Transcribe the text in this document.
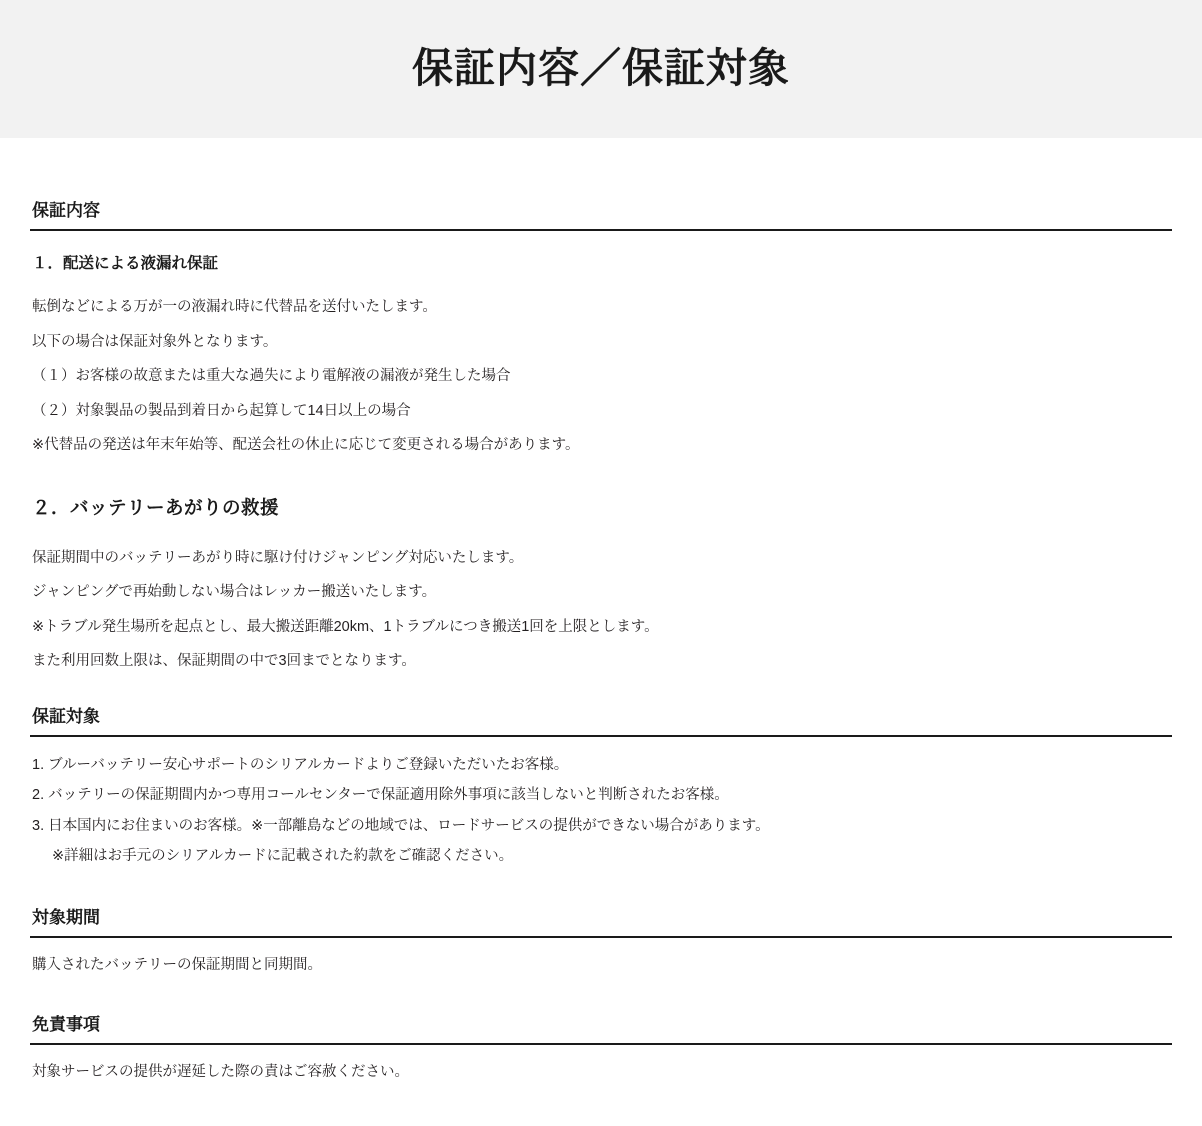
保証内容／保証対象
保証内容
１．配送による液漏れ保証

転倒などによる万が一の液漏れ時に代替品を送付いたします。

以下の場合は保証対象外となります。

（１）お客様の故意または重大な過失により電解液の漏液が発生した場合

（２）対象製品の製品到着日から起算して14日以上の場合

※代替品の発送は年末年始等、配送会社の休止に応じて変更される場合があります。

２．バッテリーあがりの救援

保証期間中のバッテリーあがり時に駆け付けジャンピング対応いたします。

ジャンピングで再始動しない場合はレッカー搬送いたします。

※トラブル発生場所を起点とし、最大搬送距離20km、1トラブルにつき搬送1回を上限とします。

また利用回数上限は、保証期間の中で3回までとなります。

保証対象

1. ブルーバッテリー安心サポートのシリアルカードよりご登録いただいたお客様。

2. バッテリーの保証期間内かつ専用コールセンターで保証適用除外事項に該当しないと判断されたお客様。

3. 日本国内にお住まいのお客様。※一部離島などの地域では、ロードサービスの提供ができない場合があります。

※詳細はお手元のシリアルカードに記載された約款をご確認ください。

対象期間

購入されたバッテリーの保証期間と同期間。

免責事項

対象サービスの提供が遅延した際の責はご容赦ください。
